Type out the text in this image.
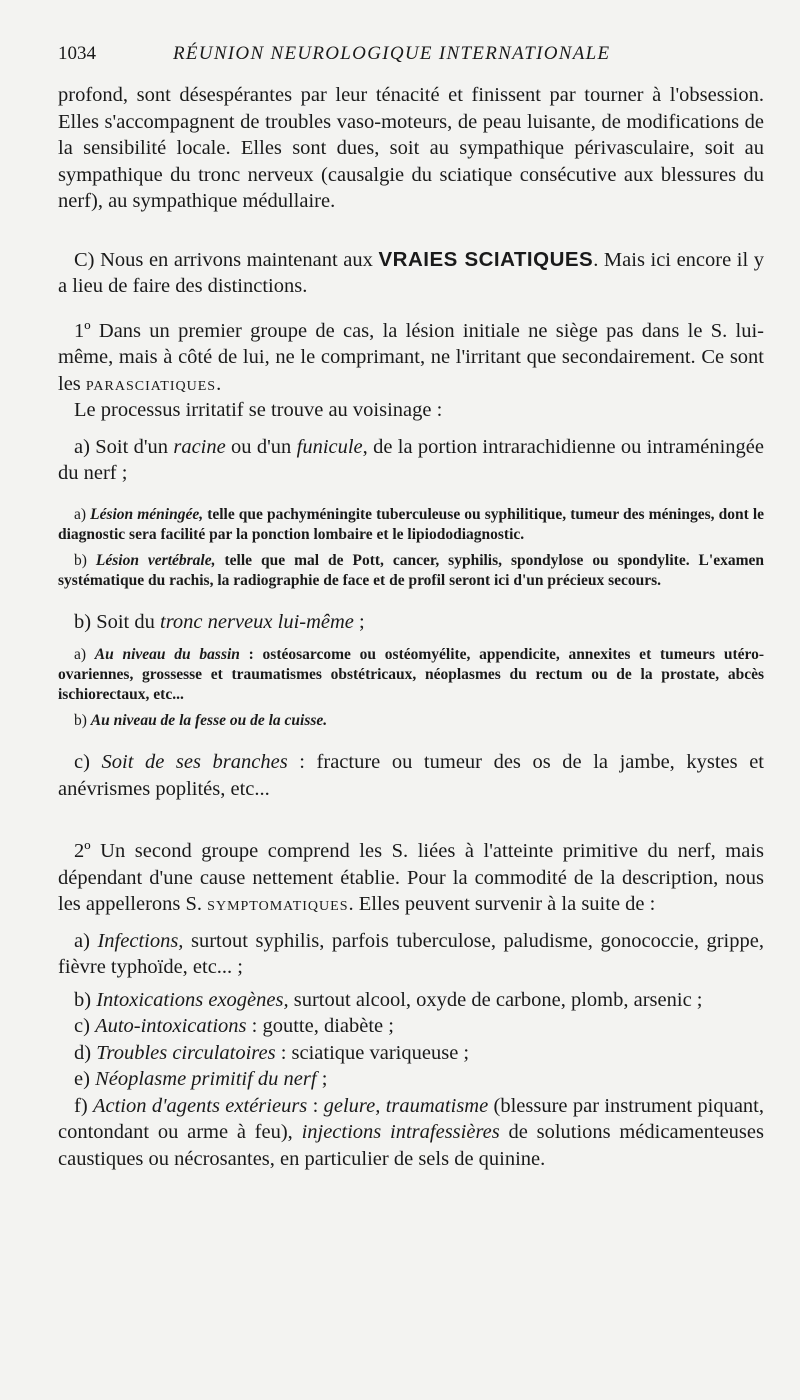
1034	RÉUNION NEUROLOGIQUE INTERNATIONALE

profond, sont désespérantes par leur ténacité et finissent par tourner à l'obsession. Elles s'accompagnent de troubles vaso-moteurs, de peau luisante, de modifications de la sensibilité locale. Elles sont dues, soit au sympathique périvasculaire, soit au sympathique du tronc nerveux (causalgie du sciatique consécutive aux blessures du nerf), au sympathique médullaire.

C) Nous en arrivons maintenant aux VRAIES SCIATIQUES. Mais ici encore il y a lieu de faire des distinctions.

1º Dans un premier groupe de cas, la lésion initiale ne siège pas dans le S. lui-même, mais à côté de lui, ne le comprimant, ne l'irritant que secondairement. Ce sont les parasciatiques.

Le processus irritatif se trouve au voisinage :

a) Soit d'un racine ou d'un funicule, de la portion intrarachidienne ou intraméningée du nerf ;

a) Lésion méningée, telle que pachyméningite tuberculeuse ou syphilitique, tumeur des méninges, dont le diagnostic sera facilité par la ponction lombaire et le lipiododiagnostic.

b) Lésion vertébrale, telle que mal de Pott, cancer, syphilis, spondylose ou spondylite. L'examen systématique du rachis, la radiographie de face et de profil seront ici d'un précieux secours.

b) Soit du tronc nerveux lui-même ;

a) Au niveau du bassin : ostéosarcome ou ostéomyélite, appendicite, annexites et tumeurs utéro-ovariennes, grossesse et traumatismes obstétricaux, néoplasmes du rectum ou de la prostate, abcès ischiorectaux, etc...

b) Au niveau de la fesse ou de la cuisse.

c) Soit de ses branches : fracture ou tumeur des os de la jambe, kystes et anévrismes poplités, etc...

2º Un second groupe comprend les S. liées à l'atteinte primitive du nerf, mais dépendant d'une cause nettement établie. Pour la commodité de la description, nous les appellerons S. symptomatiques. Elles peuvent survenir à la suite de :

a) Infections, surtout syphilis, parfois tuberculose, paludisme, gonococcie, grippe, fièvre typhoïde, etc... ;

b) Intoxications exogènes, surtout alcool, oxyde de carbone, plomb, arsenic ;

c) Auto-intoxications : goutte, diabète ;

d) Troubles circulatoires : sciatique variqueuse ;

e) Néoplasme primitif du nerf ;

f) Action d'agents extérieurs : gelure, traumatisme (blessure par instrument piquant, contondant ou arme à feu), injections intrafessières de solutions médicamenteuses caustiques ou nécrosantes, en particulier de sels de quinine.
